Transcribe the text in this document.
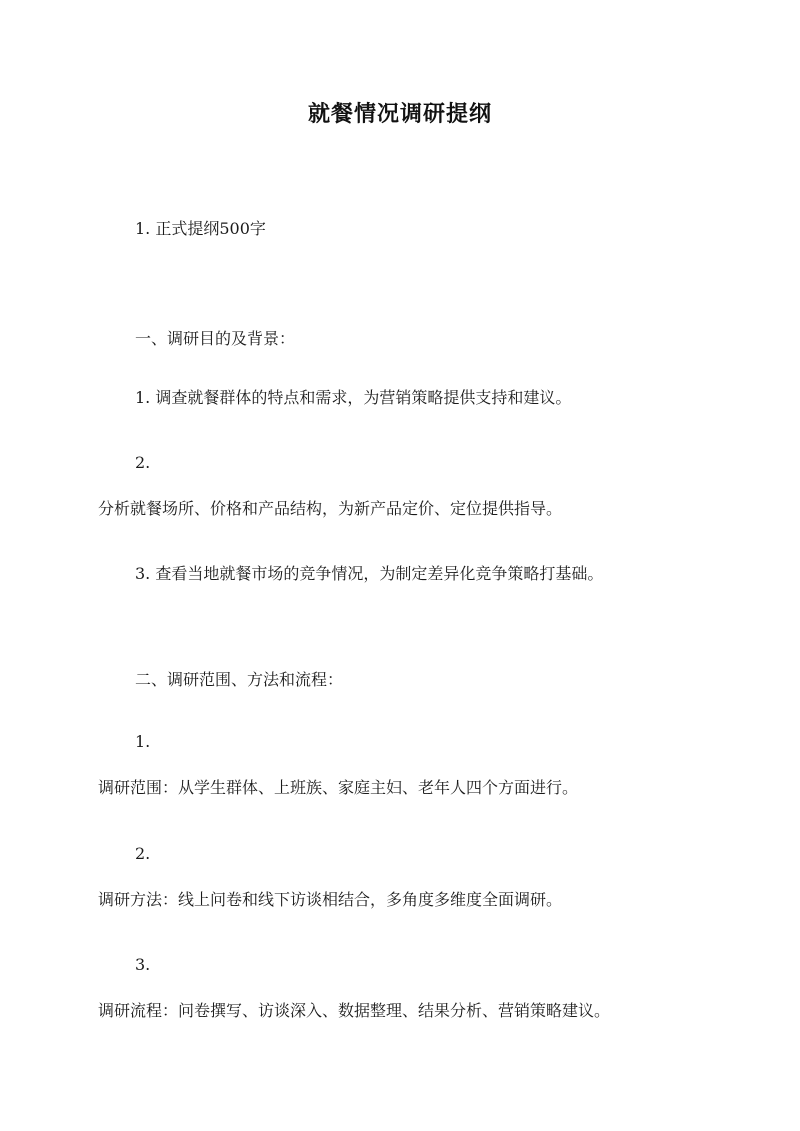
就餐情况调研提纲
1. 正式提纲500字
一、调研目的及背景：
1. 调查就餐群体的特点和需求，为营销策略提供支持和建议。
2.
分析就餐场所、价格和产品结构，为新产品定价、定位提供指导。
3. 查看当地就餐市场的竞争情况，为制定差异化竞争策略打基础。
二、调研范围、方法和流程：
1.
调研范围：从学生群体、上班族、家庭主妇、老年人四个方面进行。
2.
调研方法：线上问卷和线下访谈相结合，多角度多维度全面调研。
3.
调研流程：问卷撰写、访谈深入、数据整理、结果分析、营销策略建议。
